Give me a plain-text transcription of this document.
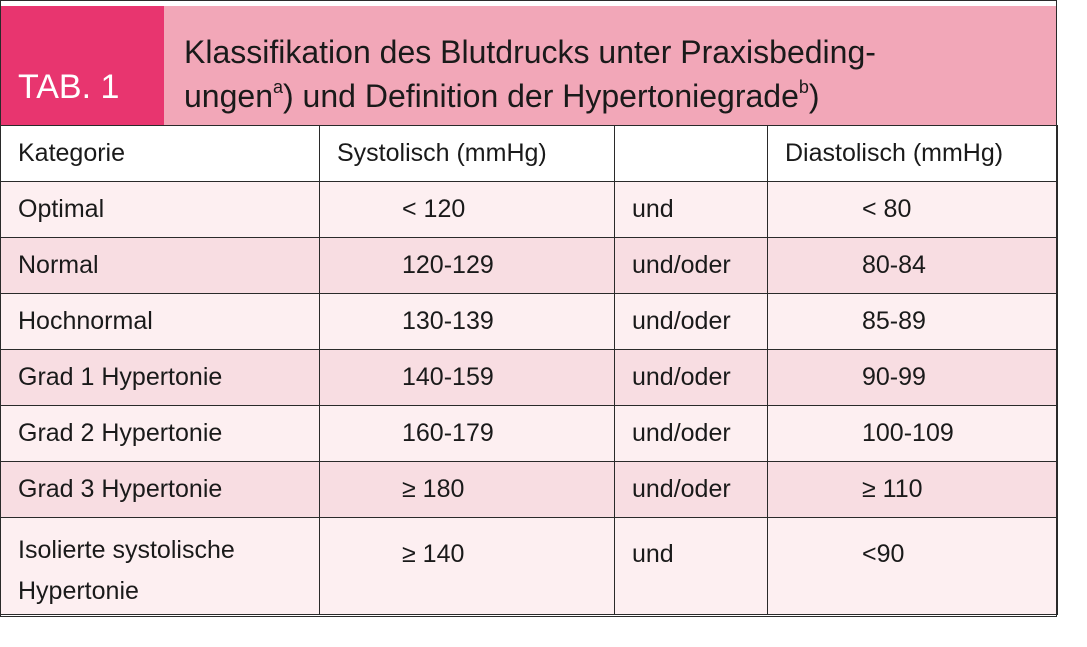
TAB. 1
Klassifikation des Blutdrucks unter Praxisbeding-
ungen$^a$) und Definition der Hypertoniegrade$^b$)
Kategorie	Systolisch (mmHg)		Diastolisch (mmHg)
Optimal	< 120	und	< 80
Normal	120-129	und/oder	80-84
Hochnormal	130-139	und/oder	85-89
Grad 1 Hypertonie	140-159	und/oder	90-99
Grad 2 Hypertonie	160-179	und/oder	100-109
Grad 3 Hypertonie	≥ 180	und/oder	≥ 110
Isolierte systolische
Hypertonie	≥ 140	und	<90
